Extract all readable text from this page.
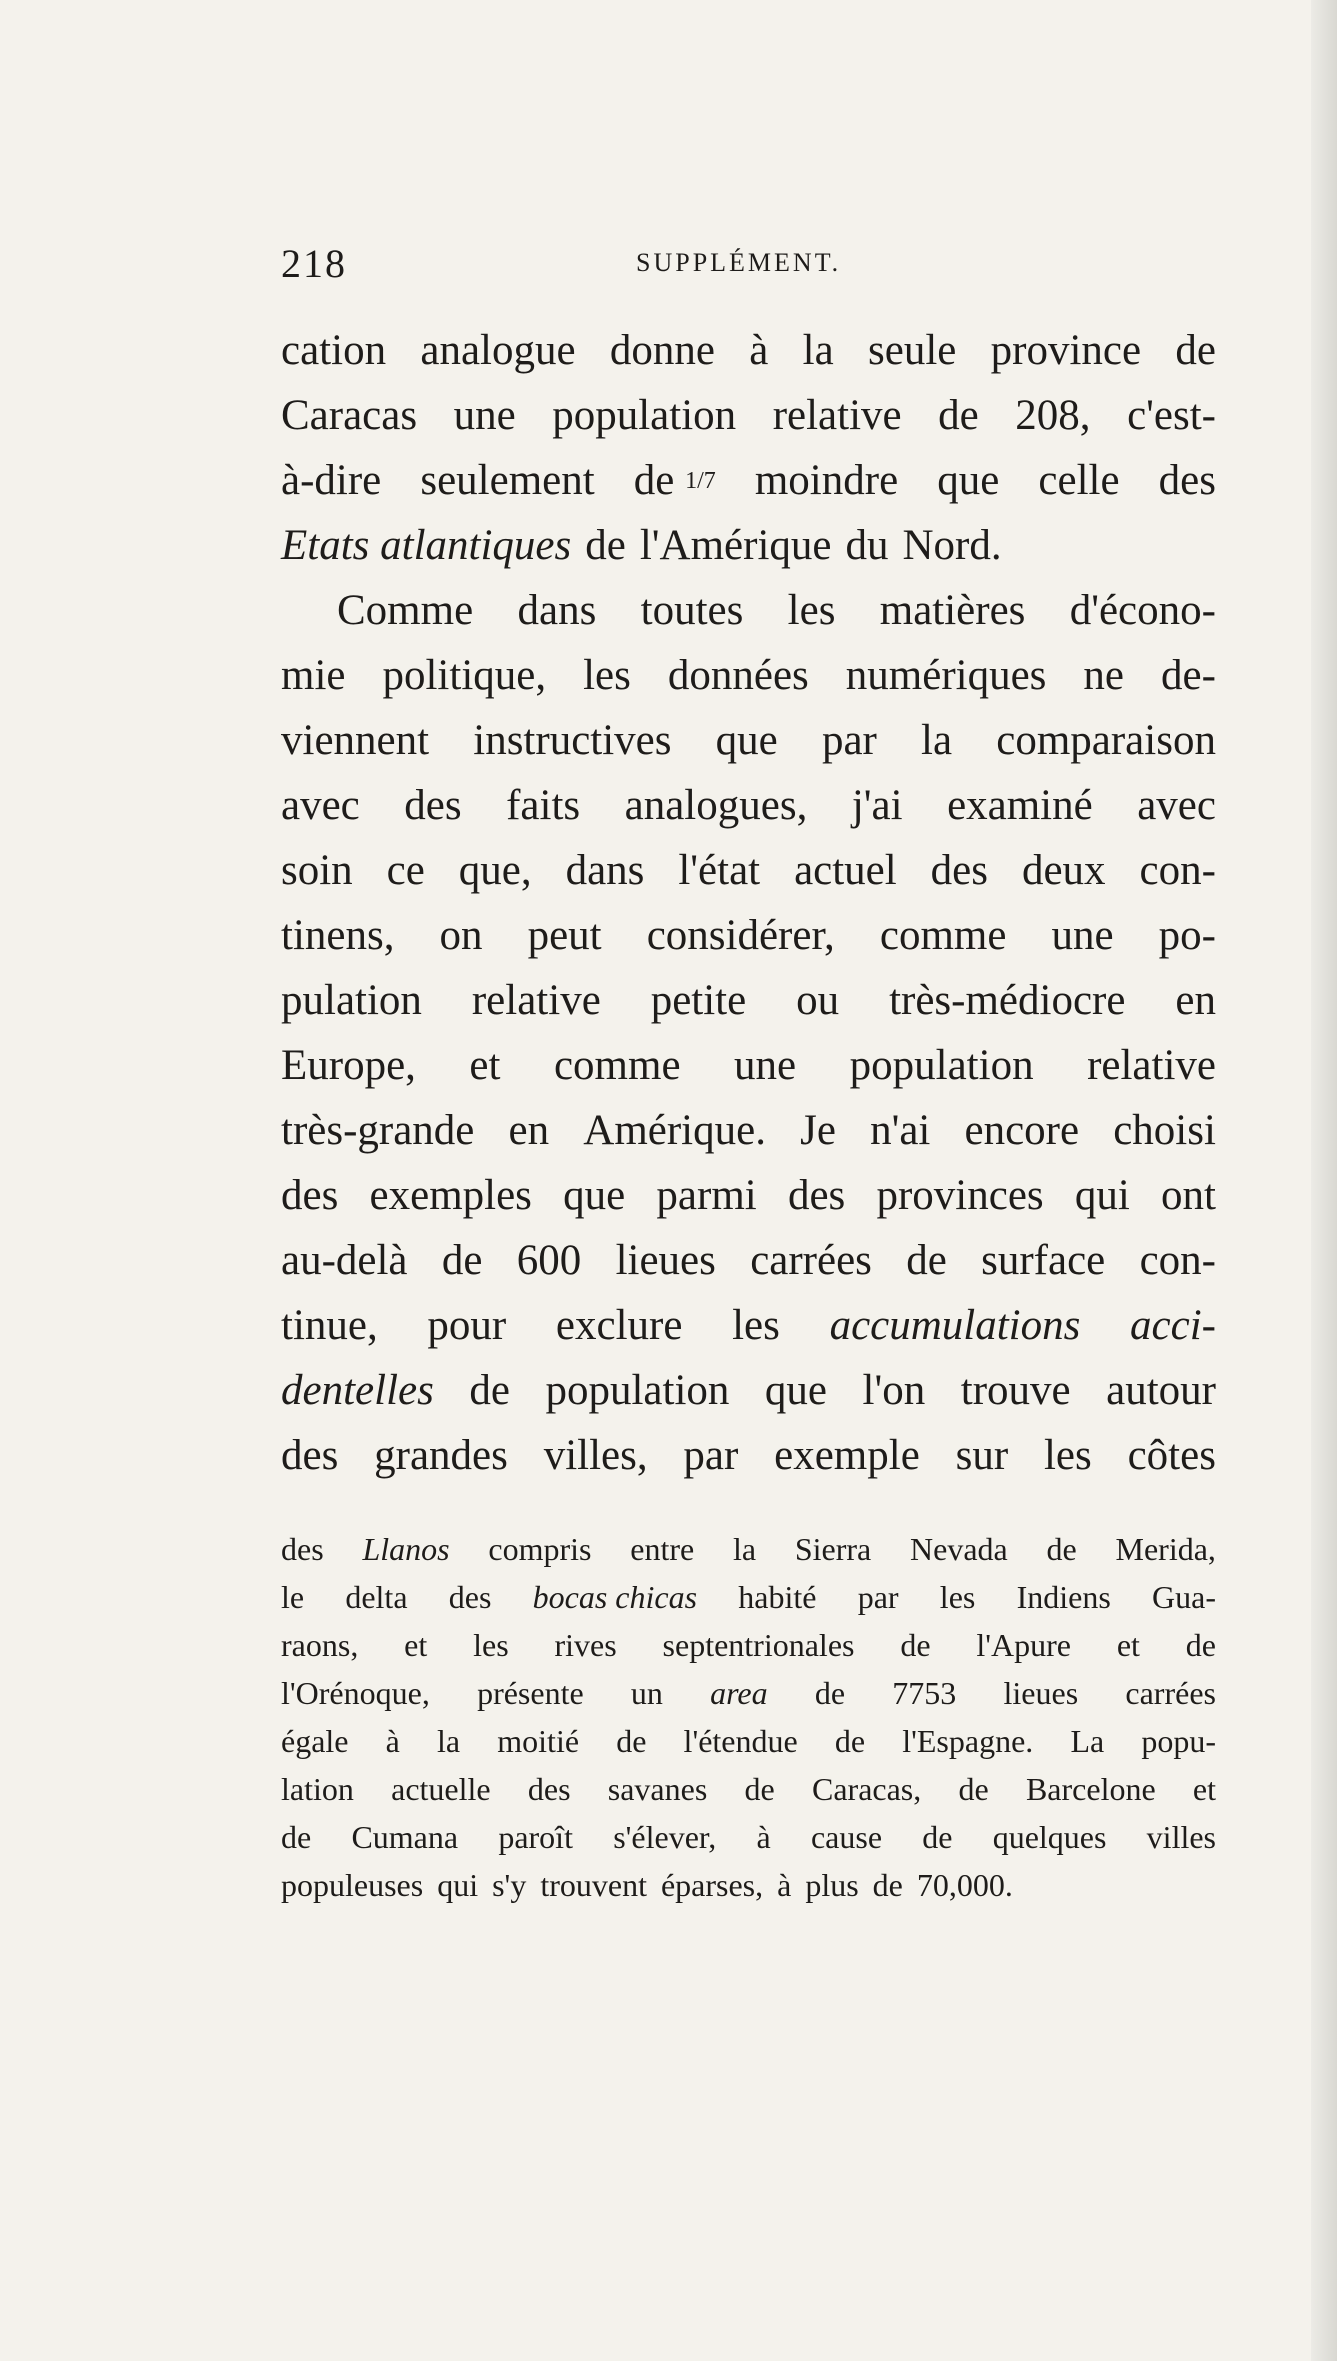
218	SUPPLÉMENT.
cation analogue donne à la seule province de
Caracas une population relative de 208, c'est-
à-dire seulement de 1/7 moindre que celle des
Etats atlantiques de l'Amérique du Nord.
Comme dans toutes les matières d'écono-
mie politique, les données numériques ne de-
viennent instructives que par la comparaison
avec des faits analogues, j'ai examiné avec
soin ce que, dans l'état actuel des deux con-
tinens, on peut considérer, comme une po-
pulation relative petite ou très-médiocre en
Europe, et comme une population relative
très-grande en Amérique. Je n'ai encore choisi
des exemples que parmi des provinces qui ont
au-delà de 600 lieues carrées de surface con-
tinue, pour exclure les accumulations acci-
dentelles de population que l'on trouve autour
des grandes villes, par exemple sur les côtes
des Llanos compris entre la Sierra Nevada de Merida,
le delta des bocas chicas habité par les Indiens Gua-
raons, et les rives septentrionales de l'Apure et de
l'Orénoque, présente un area de 7753 lieues carrées
égale à la moitié de l'étendue de l'Espagne. La popu-
lation actuelle des savanes de Caracas, de Barcelone et
de Cumana paroît s'élever, à cause de quelques villes
populeuses qui s'y trouvent éparses, à plus de 70,000.
